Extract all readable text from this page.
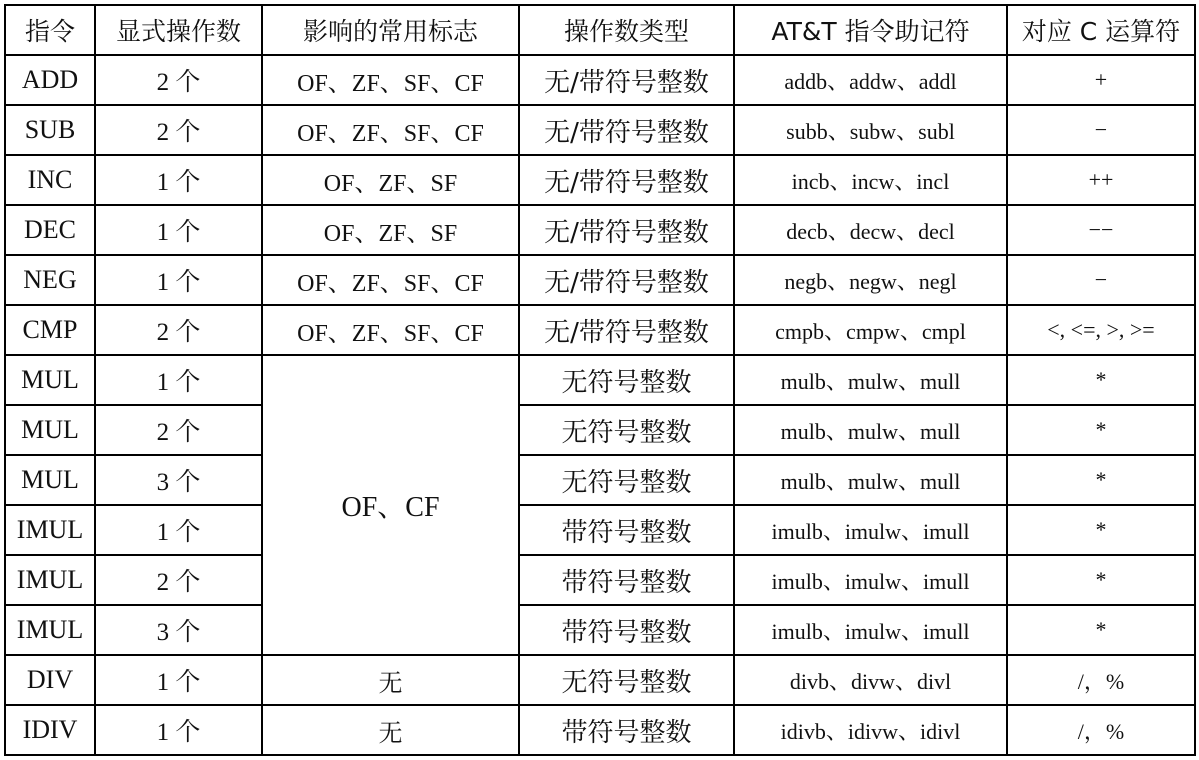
指令	显式操作数	影响的常用标志	操作数类型	AT&T 指令助记符	对应 C 运算符
ADD	2 个	OF、ZF、SF、CF	无/带符号整数	addb、addw、addl	+
SUB	2 个	OF、ZF、SF、CF	无/带符号整数	subb、subw、subl	−
INC	1 个	OF、ZF、SF	无/带符号整数	incb、incw、incl	++
DEC	1 个	OF、ZF、SF	无/带符号整数	decb、decw、decl	−−
NEG	1 个	OF、ZF、SF、CF	无/带符号整数	negb、negw、negl	−
CMP	2 个	OF、ZF、SF、CF	无/带符号整数	cmpb、cmpw、cmpl	<, <=, >, >=
MUL	1 个	OF、CF	无符号整数	mulb、mulw、mull	*
MUL	2 个		无符号整数	mulb、mulw、mull	*
MUL	3 个		无符号整数	mulb、mulw、mull	*
IMUL	1 个		带符号整数	imulb、imulw、imull	*
IMUL	2 个		带符号整数	imulb、imulw、imull	*
IMUL	3 个		带符号整数	imulb、imulw、imull	*
DIV	1 个	无	无符号整数	divb、divw、divl	/，%
IDIV	1 个	无	带符号整数	idivb、idivw、idivl	/，%
